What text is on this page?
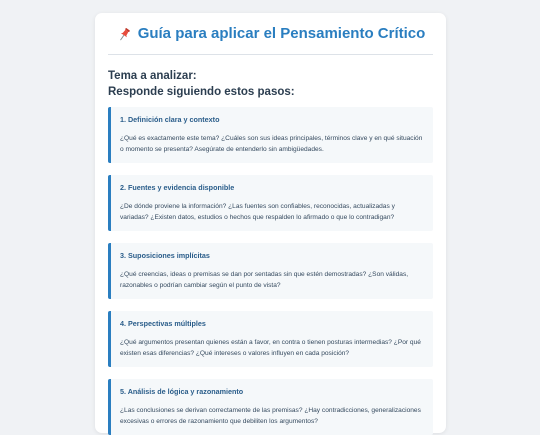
Guía para aplicar el Pensamiento Crítico
Tema a analizar:
Responde siguiendo estos pasos:
1. Definición clara y contexto
¿Qué es exactamente este tema? ¿Cuáles son sus ideas principales, términos clave y en qué situación o momento se presenta? Asegúrate de entenderlo sin ambigüedades.
2. Fuentes y evidencia disponible
¿De dónde proviene la información? ¿Las fuentes son confiables, reconocidas, actualizadas y variadas? ¿Existen datos, estudios o hechos que respalden lo afirmado o que lo contradigan?
3. Suposiciones implícitas
¿Qué creencias, ideas o premisas se dan por sentadas sin que estén demostradas? ¿Son válidas, razonables o podrían cambiar según el punto de vista?
4. Perspectivas múltiples
¿Qué argumentos presentan quienes están a favor, en contra o tienen posturas intermedias? ¿Por qué existen esas diferencias? ¿Qué intereses o valores influyen en cada posición?
5. Análisis de lógica y razonamiento
¿Las conclusiones se derivan correctamente de las premisas? ¿Hay contradicciones, generalizaciones excesivas o errores de razonamiento que debiliten los argumentos?
